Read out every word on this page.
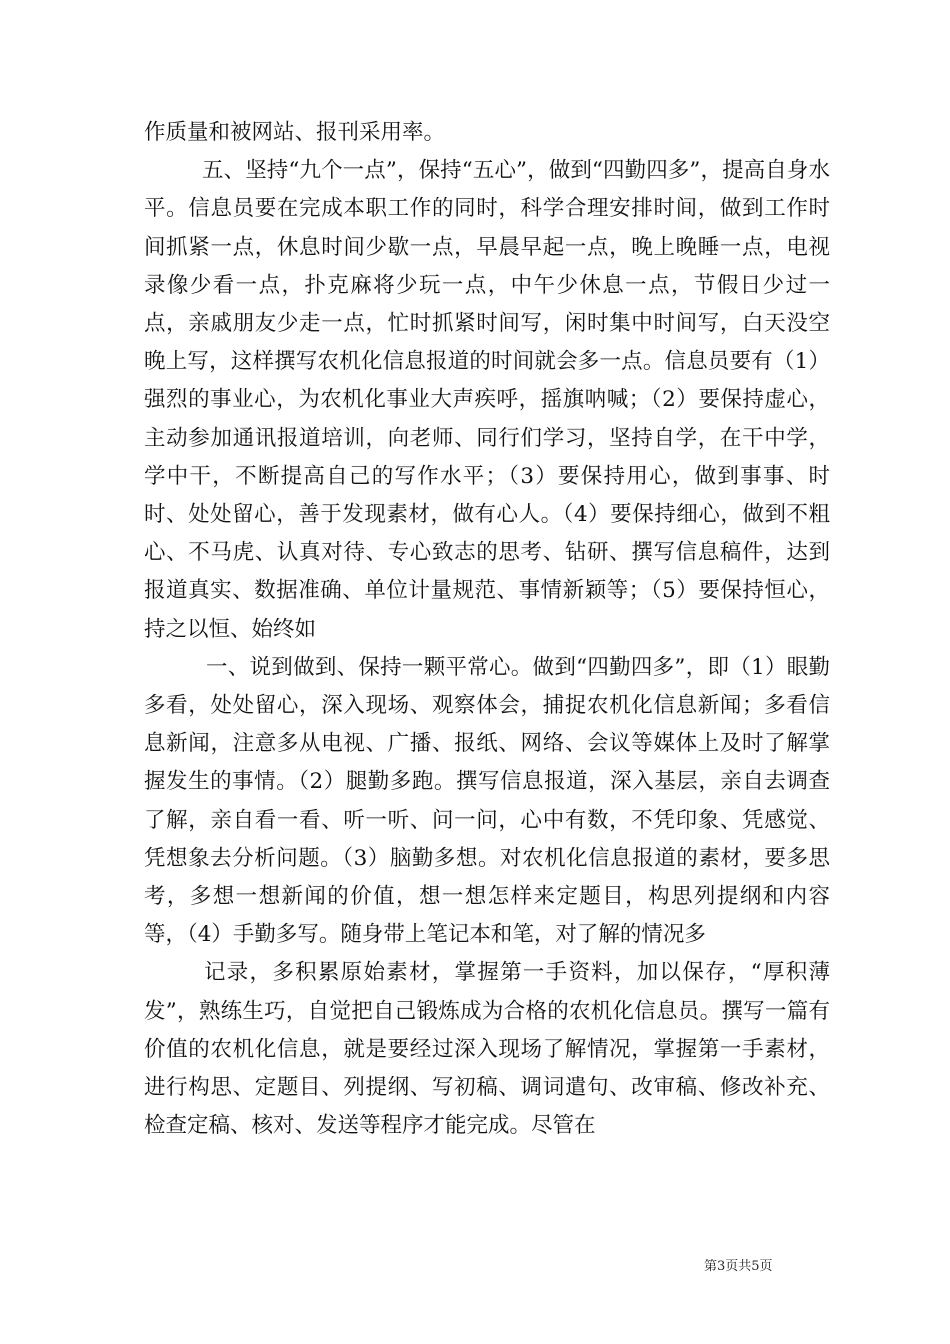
作质量和被网站、报刊采用率。

五、坚持“九个一点”，保持“五心”，做到“四勤四多”，提高自身水平。信息员要在完成本职工作的同时，科学合理安排时间，做到工作时间抓紧一点，休息时间少歇一点，早晨早起一点，晚上晚睡一点，电视录像少看一点，扑克麻将少玩一点，中午少休息一点，节假日少过一点，亲戚朋友少走一点，忙时抓紧时间写，闲时集中时间写，白天没空晚上写，这样撰写农机化信息报道的时间就会多一点。信息员要有（1）强烈的事业心，为农机化事业大声疾呼，摇旗呐喊；（2）要保持虚心，主动参加通讯报道培训，向老师、同行们学习，坚持自学，在干中学，学中干，不断提高自己的写作水平；（3）要保持用心，做到事事、时时、处处留心，善于发现素材，做有心人。（4）要保持细心，做到不粗心、不马虎、认真对待、专心致志的思考、钻研、撰写信息稿件，达到报道真实、数据准确、单位计量规范、事情新颖等；（5）要保持恒心，持之以恒、始终如

一、说到做到、保持一颗平常心。做到“四勤四多”，即（1）眼勤多看，处处留心，深入现场、观察体会，捕捉农机化信息新闻；多看信息新闻，注意多从电视、广播、报纸、网络、会议等媒体上及时了解掌握发生的事情。（2）腿勤多跑。撰写信息报道，深入基层，亲自去调查了解，亲自看一看、听一听、问一问，心中有数，不凭印象、凭感觉、凭想象去分析问题。（3）脑勤多想。对农机化信息报道的素材，要多思考，多想一想新闻的价值，想一想怎样来定题目，构思列提纲和内容等，（4）手勤多写。随身带上笔记本和笔，对了解的情况多

记录，多积累原始素材，掌握第一手资料，加以保存，“厚积薄发”，熟练生巧，自觉把自己锻炼成为合格的农机化信息员。撰写一篇有价值的农机化信息，就是要经过深入现场了解情况，掌握第一手素材，进行构思、定题目、列提纲、写初稿、调词遣句、改审稿、修改补充、检查定稿、核对、发送等程序才能完成。尽管在

第3页共5页
